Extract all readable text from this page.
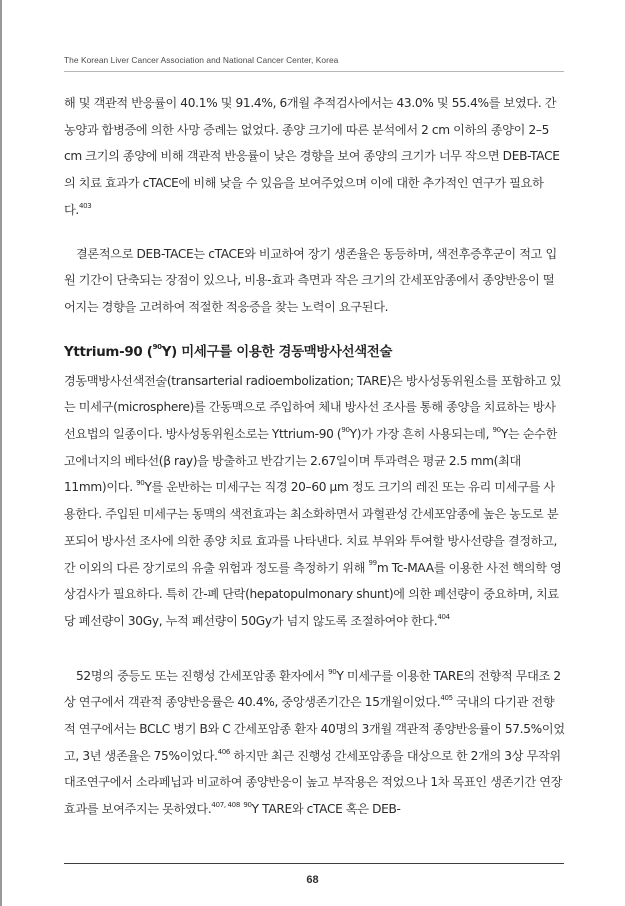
The Korean Liver Cancer Association and National Cancer Center, Korea

해 및 객관적 반응률이 40.1% 및 91.4%, 6개월 추적검사에서는 43.0% 및 55.4%를 보였다. 간농양과 합병증에 의한 사망 증례는 없었다. 종양 크기에 따른 분석에서 2 cm 이하의 종양이 2–5 cm 크기의 종양에 비해 객관적 반응률이 낮은 경향을 보여 종양의 크기가 너무 작으면 DEB-TACE의 치료 효과가 cTACE에 비해 낮을 수 있음을 보여주었으며 이에 대한 추가적인 연구가 필요하다.$^{403}$

결론적으로 DEB-TACE는 cTACE와 비교하여 장기 생존율은 동등하며, 색전후증후군이 적고 입원 기간이 단축되는 장점이 있으나, 비용-효과 측면과 작은 크기의 간세포암종에서 종양반응이 떨어지는 경향을 고려하여 적절한 적응증을 찾는 노력이 요구된다.

Yttrium-90 ($^{90}$Y) 미세구를 이용한 경동맥방사선색전술

경동맥방사선색전술(transarterial radioembolization; TARE)은 방사성동위원소를 포함하고 있는 미세구(microsphere)를 간동맥으로 주입하여 체내 방사선 조사를 통해 종양을 치료하는 방사선요법의 일종이다. 방사성동위원소로는 Yttrium-90 ($^{90}$Y)가 가장 흔히 사용되는데, $^{90}$Y는 순수한 고에너지의 베타선(β ray)을 방출하고 반감기는 2.67일이며 투과력은 평균 2.5 mm(최대 11mm)이다. $^{90}$Y를 운반하는 미세구는 직경 20–60 μm 정도 크기의 레진 또는 유리 미세구를 사용한다. 주입된 미세구는 동맥의 색전효과는 최소화하면서 과혈관성 간세포암종에 높은 농도로 분포되어 방사선 조사에 의한 종양 치료 효과를 나타낸다. 치료 부위와 투여할 방사선량을 결정하고, 간 이외의 다른 장기로의 유출 위험과 정도를 측정하기 위해 $^{99}$m Tc-MAA를 이용한 사전 핵의학 영상검사가 필요하다. 특히 간-폐 단락(hepatopulmonary shunt)에 의한 폐선량이 중요하며, 치료당 폐선량이 30Gy, 누적 폐선량이 50Gy가 넘지 않도록 조절하여야 한다.$^{404}$

52명의 중등도 또는 진행성 간세포암종 환자에서 $^{90}$Y 미세구를 이용한 TARE의 전향적 무대조 2상 연구에서 객관적 종양반응률은 40.4%, 중앙생존기간은 15개월이었다.$^{405}$ 국내의 다기관 전향적 연구에서는 BCLC 병기 B와 C 간세포암종 환자 40명의 3개월 객관적 종양반응률이 57.5%이었고, 3년 생존율은 75%이었다.$^{406}$ 하지만 최근 진행성 간세포암종을 대상으로 한 2개의 3상 무작위 대조연구에서 소라페닙과 비교하여 종양반응이 높고 부작용은 적었으나 1차 목표인 생존기간 연장효과를 보여주지는 못하였다.$^{407, 408}$ $^{90}$Y TARE와 cTACE 혹은 DEB-

68
